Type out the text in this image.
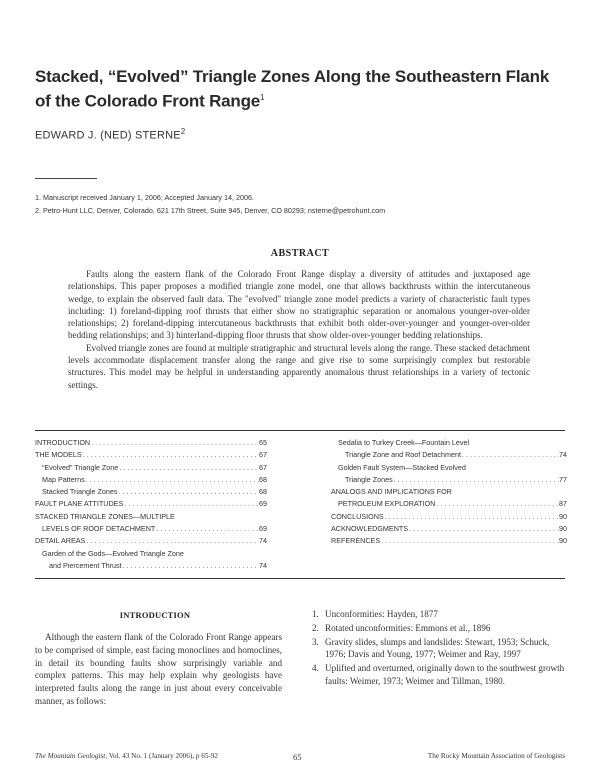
Stacked, “Evolved” Triangle Zones Along the Southeastern Flank
of the Colorado Front Range$^1$
EDWARD J. (NED) STERNE$^2$
1. Manuscript received January 1, 2006; Accepted January 14, 2006.
2. Petro-Hunt LLC, Denver, Colorado, 621 17th Street, Suite 945, Denver, CO 80293; nsterne@petrohunt.com
ABSTRACT

Faults along the eastern flank of the Colorado Front Range display a diversity of attitudes and juxtaposed age relationships. This paper proposes a modified triangle zone model, one that allows backthrusts within the intercutaneous wedge, to explain the observed fault data. The "evolved" triangle zone model predicts a variety of characteristic fault types including: 1) foreland-dipping roof thrusts that either show no stratigraphic separation or anomalous younger-over-older relationships; 2) foreland-dipping intercutaneous backthrusts that exhibit both older-over-younger and younger-over-older bedding relationships; and 3) hinterland-dipping floor thrusts that show older-over-younger bedding relationships.

Evolved triangle zones are found at multiple stratigraphic and structural levels along the range. These stacked detachment levels accommodate displacement transfer along the range and give rise to some surprisingly complex but restorable structures. This model may be helpful in understanding apparently anomalous thrust relationships in a variety of tectonic settings.

INTRODUCTION . . .	65
THE MODELS . . .	67
“Evolved” Triangle Zone . . .	67
Map Patterns . . .	68
Stacked Triangle Zones . . .	68
FAULT PLANE ATTITUDES . . .	69
STACKED TRIANGLE ZONES—MULTIPLE
LEVELS OF ROOF DETACHMENT . . .	69
DETAIL AREAS . . .	74
Garden of the Gods—Evolved Triangle Zone
and Piercement Thrust . . .	74
Sedalia to Turkey Creek—Fountain Level
Triangle Zone and Roof Detachment . . .	74
Golden Fault System—Stacked Evolved
Triangle Zones . . .	77
ANALOGS AND IMPLICATIONS FOR
PETROLEUM EXPLORATION . . .	87
CONCLUSIONS . . .	90
ACKNOWLEDGMENTS . . .	90
REFERENCES . . .	90
INTRODUCTION

Although the eastern flank of the Colorado Front Range appears to be comprised of simple, east facing monoclines and homoclines, in detail its bounding faults show surprisingly variable and complex patterns. This may help explain why geologists have interpreted faults along the range in just about every conceivable manner, as follows:

1. Unconformities: Hayden, 1877
2. Rotated unconformities: Emmons et al., 1896
3. Gravity slides, slumps and landslides: Stewart, 1953; Schuck, 1976; Davis and Young, 1977; Weimer and Ray, 1997
4. Uplifted and overturned, originally down to the southwest growth faults: Weimer, 1973; Weimer and Tillman, 1980.
The Mountain Geologist, Vol. 43 No. 1 (January 2006), p 65-92	65	The Rocky Mountain Association of Geologists
